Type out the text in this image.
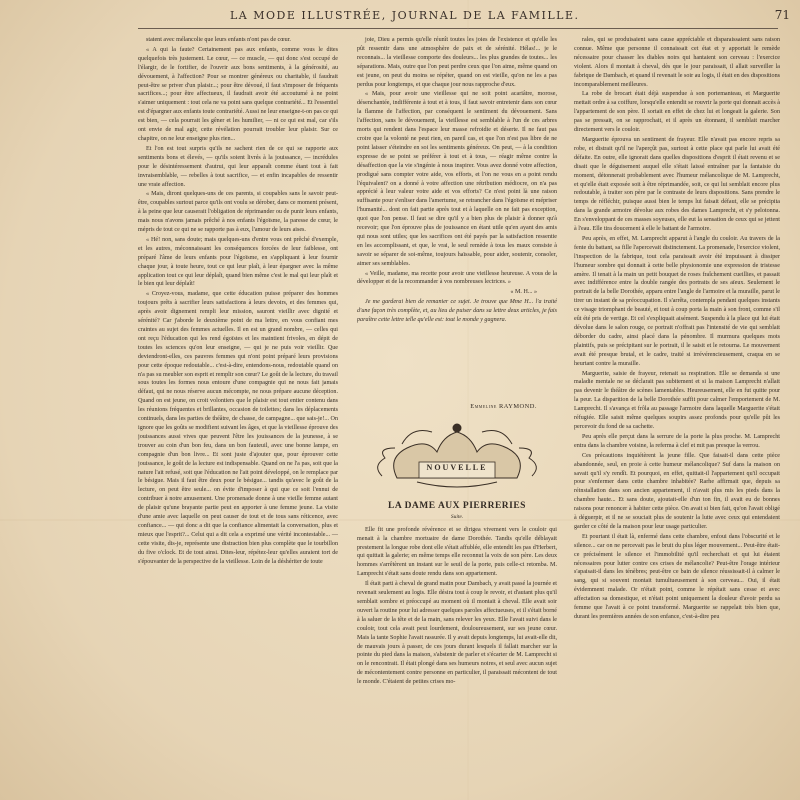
LA MODE ILLUSTRÉE, JOURNAL DE LA FAMILLE.	71

statent avec mélancolie que leurs enfants n'ont pas de cœur.

« A qui la faute? Certainement pas aux enfants, comme vous le dites quelquefois très justement. Le cœur, — ce muscle, — qui donc s'est occupé de l'élargir, de le fortifier, de l'ouvrir aux bons sentiments, à la générosité, au dévouement, à l'affection? Pour se montrer généreux ou charitable, il faudrait peut-être se priver d'un plaisir...; pour être dévoué, il faut s'imposer de fréquents sacrifices...; pour être affectueux, il faudrait avoir été accoutumé à ne point s'aimer uniquement : tout cela ne va point sans quelque contrariété... Et l'essentiel est d'épargner aux enfants toute contrariété. Aussi ne leur enseigne-t-on pas ce qui est bien, — cela pourrait les gêner et les humilier, — ni ce qui est mal, car s'ils ont envie de mal agir, cette révélation pourrait troubler leur plaisir. Sur ce chapitre, on ne leur enseigne plus rien...

Et l'on est tout surpris qu'ils ne sachent rien de ce qui se rapporte aux sentiments bons et élevés, — qu'ils soient livrés à la jouissance, — incrédules pour le désintéressement d'autrui, qui leur apparaît comme étant tout à fait invraisemblable, — rebelles à tout sacrifice, — et enfin incapables de ressentir une vraie affection.

« Mais, diront quelques-uns de ces parents, si coupables sans le savoir peut-être, coupables surtout parce qu'ils ont voulu se dérober, dans ce moment présent, à la peine que leur causerait l'obligation de réprimander ou de punir leurs enfants, mais nous n'avons jamais prêché à nos enfants l'égoïsme, la paresse de cœur, le mépris de tout ce qui ne se rapporte pas à eux, l'amour de leurs aises.

« Hé! non, sans doute; mais quelques-uns d'entre vous ont prêché d'exemple, et les autres, méconnaissant les conséquences forcées de leur faiblesse, ont préparé l'âme de leurs enfants pour l'égoïsme, en s'appliquant à leur fournir chaque jour, à toute heure, tout ce qui leur plaît, à leur épargner avec la même application tout ce qui leur déplaît, quand bien même c'est le mal qui leur plaît et le bien qui leur déplaît!

« Croyez-vous, madame, que cette éducation puisse préparer des hommes toujours prêts à sacrifier leurs satisfactions à leurs devoirs, et des femmes qui, après avoir dignement rempli leur mission, sauront vieillir avec dignité et sérénité? Car j'aborde le deuxième point de ma lettre, en vous confiant mes craintes au sujet des femmes actuelles. Il en est un grand nombre, — celles qui ont reçu l'éducation qui les rend égoïstes et les maintient frivoles, en dépit de toutes les sciences qu'on leur enseigne, — qui je ne puis voir vieillir. Que deviendront-elles, ces pauvres femmes qui n'ont point préparé leurs provisions pour cette époque redoutable... c'est-à-dire, entendons-nous, redoutable quand on n'a pas su meubler son esprit et remplir son cœur? Le goût de la lecture, du travail sous toutes les formes nous entoure d'une compagnie qui ne nous fait jamais défaut, qui ne nous réserve aucun mécompte, ne nous prépare aucune déception. Quand on est jeune, on croit volontiers que le plaisir est tout entier contenu dans les réunions fréquentes et brillantes, occasion de toilettes; dans les déplacements continuels, dans les parties de théâtre, de chasse, de campagne... que sais-je!... On ignore que les goûts se modifient suivant les âges, et que la vieillesse éprouve des jouissances aussi vives que peuvent l'être les jouissances de la jeunesse, à se trouver au coin d'un bon feu, dans un bon fauteuil, avec une bonne lampe, en compagnie d'un bon livre... Et sont juste d'ajouter que, pour éprouver cette jouissance, le goût de la lecture est indispensable. Quand on ne l'a pas, soit que la nature l'ait refusé, soit que l'éducation ne l'ait point développé, on le remplace par le bésigue. Mais il faut être deux pour le bésigue... tandis qu'avec le goût de la lecture, on peut être seule... on évite d'imposer à qui que ce soit l'ennui de contribuer à notre amusement. Une promenade donne à une vieille femme autant de plaisir qu'une brayante partie peut en apporter à une femme jeune. La visite d'une amie avec laquelle on peut causer de tout et de tous sans réticence, avec confiance... — qui donc a dit que la confiance alimentait la conversation, plus et mieux que l'esprit?... Celui qui a dit cela a exprimé une vérité incontestable... — cette visite, dis-je, représente une distraction bien plus complète que le tourbillon du five o'clock. Et de tout ainsi. Dites-leur, répétez-leur qu'elles auraient tort de s'épouvanter de la perspective de la vieillesse. Loin de la déshériter de toute

joie, Dieu a permis qu'elle réunît toutes les joies de l'existence et qu'elle les pût ressentir dans une atmosphère de paix et de sérénité. Hélas!... je le reconnais... la vieillesse comporte des douleurs... les plus grandes de toutes... les séparations. Mais, outre que l'on peut perdre ceux que l'on aime, même quand on est jeune, on peut du moins se répéter, quand on est vieille, qu'on ne les a pas perdus pour longtemps, et que chaque jour nous rapproche d'eux.

« Mais, pour avoir une vieillesse qui ne soit point acariâtre, morose, désenchantée, indifférente à tout et à tous, il faut savoir entretenir dans son cœur la flamme de l'affection, par conséquent le sentiment du dévouement. Sans l'affection, sans le dévouement, la vieillesse est semblable à l'un de ces arbres morts qui rendent dans l'espace leur masse refroidie et déserte. Il ne faut pas croire que la volonté ne peut rien, en pareil cas, et que l'on n'est pas libre de ne point laisser s'éteindre en soi les sentiments généreux. On peut, — à la condition expresse de se point se préférer à tout et à tous, — réagir même contre la désaffection que la vie s'ingénie à nous inspirer. Vous avez donné votre affection, prodigué sans compter votre aide, vos efforts, et l'on ne vous en a point rendu l'équivalent? on a donné à votre affection une rétribution médiocre, on n'a pas apprécié à leur valeur votre aide et vos efforts? Ce n'est point là une raison suffisante pour s'enliser dans l'amertume, se retrancher dans l'égoïsme et mépriser l'humanité... dont on fait partie après tout et à laquelle on ne fait pas exception, quoi que l'on pense. Il faut se dire qu'il y a bien plus de plaisir à donner qu'à recevoir; que l'on éprouve plus de jouissance en étant utile qu'en ayant des amis qui nous sont utiles; que les sacrifices ont été payés par la satisfaction ressentie en les accomplissant, et que, le vrai, le seul remède à tous les maux consiste à savoir se séparer de soi-même, toujours haïssable, pour aider, soutenir, consoler, aimer ses semblables.

« Veille, madame, ma recette pour avoir une vieillesse heureuse. A vous de la développer et de la recommander à vos nombreuses lectrices. »

« M. H... »

Je me garderai bien de remanier ce sujet. Je trouve que Mme H... l'a traité d'une façon très complète, et, au lieu de puiser dans sa lettre deux articles, je fais paraître cette lettre telle qu'elle est: tout le monde y gagnera.

Emmeline RAYMOND.
NOUVELLE
LA DAME AUX PIERRERIES
Suite.

Elle fit une profonde révérence et se dirigea vivement vers le couloir qui menait à la chambre mortuaire de dame Dorothée. Tandis qu'elle déblayait prestement la longue robe dont elle s'était affublée, elle entendit les pas d'Herbert, qui quittait la galerie; en même temps elle reconnut la voix de son père. Les deux hommes s'arrêtèrent un instant sur le seuil de la porte, puis celle-ci retomba. M. Lamprecht s'était sans doute rendu dans son appartement.

Il était parti à cheval de grand matin pour Dambach, y avait passé la journée et revenait seulement au logis. Elle désira tout à coup le revoir, et d'autant plus qu'il semblait sombre et préoccupé au moment où il montait à cheval. Elle avait soir ouvert la routine pour lui adresser quelques paroles affectueuses, et il s'était borné à la saluer de la tête et de la main, sans relever les yeux. Elle l'avait suivi dans le couloir, tout cela avait peut lourdement, douloureusement, sur ses jeune cœur. Mais la tante Sophie l'avait rassurée. Il y avait depuis longtemps, lui avait-elle dit, de mauvais jours à passer, de ces jours durant lesquels il fallait marcher sur la pointe du pied dans la maison, s'abstenir de parler et s'écarter de M. Lamprecht si on le rencontrait. Il était plongé dans ses humeurs noires, et seul avec aucun sujet de mécontentement contre personne en particulier, il paraissait mécontent de tout le monde. C'étaient de petites crises mo-

rales, qui se produisaient sans cause appréciable et disparaissaient sans raison connue. Même que personne il connaissait cet état et y apportait le remède nécessaire pour chasser les diables noirs qui hantaient son cerveau : l'exercice violent. Alors il montait à cheval, dès que le jour paraissait, il allait surveiller la fabrique de Dambach, et quand il revenait le soir au logis, il était en des dispositions incomparablement meilleures.

La robe de brocart était déjà suspendue à son portemanteau, et Marguerite mettait ordre à sa coiffure, lorsqu'elle entendit se rouvrir la porte qui donnait accès à l'appartement de son père. Il sortait en effet de chez lui et longeait la galerie. Son pas se pressait, on se rapprochait, et il après un étonnant, il semblait marcher directement vers le couloir.

Marguerite éprouva un sentiment de frayeur. Elle n'avait pas encore repris sa robe, et distrait qu'il ne l'aperçût pas, surtout à cette place qui parle lui avait été défaite. En outre, elle ignorait dans quelles dispositions d'esprit il était revenu et se disait que le déguisement auquel elle s'était laissé entraîner par la fantaisie du moment, détonnerait probablement avec l'humeur mélancolique de M. Lamprecht, et qu'elle était exposée soit à être réprimandée, soit, ce qui lui semblait encore plus redoutable, à traiter son père par le contraste de leurs dispositions. Sans prendre le temps de réfléchir, puisque aussi bien le temps lui faisait défaut, elle se précipita dans la grande armoire dévolue aux robes des dames Lamprecht, et s'y pelotonna. En s'enveloppant de ces masses soyeuses, elle eut la sensation de ceux qui se jettent à l'eau. Elle tira doucement à elle le battant de l'armoire.

Peu après, en effet, M. Lamprecht apparut à l'angle du couloir. Au travers de la fente du battant, sa fille l'apercevait distinctement. La promenade, l'exercice violent, l'inspection de la fabrique, tout cela paraissait avoir été impuissant à dissiper l'humeur sombre qui donnait à cette belle physionomie une expression de tristesse amère. Il tenait à la main un petit bouquet de roses fraîchement cueillies, et passait avec indifférence entre la double rangée des portraits de ses aïeux. Seulement le portrait de la belle Dorothée, apparu entre l'angle de l'armoire et la muraille, parut le tirer un instant de sa préoccupation. Il s'arrêta, contempla pendant quelques instants ce visage triomphant de beauté, et tout à coup porta la main à son front, comme s'il eût été pris de vertige. Et cel s'expliquait aisément. Suspendu à la place qui lui était dévolue dans le salon rouge, ce portrait n'offrait pas l'intensité de vie qui semblait déborder du cadre, ainsi placé dans la pénombre. Il murmura quelques mots plaintifs, puis se précipitant sur le portrait, il le saisit et le retourna. Le mouvement avait été presque brutal, et le cadre, traité si irrévérencieusement, craqua en se heurtant contre la muraille.

Marguerite, saisie de frayeur, retenait sa respiration. Elle se demanda si une maladie mentale ne se déclarait pas subitement et si la maison Lamprecht n'allait pas devenir le théâtre de scènes lamentables. Heureusement, elle en fut quitte pour la peur. La disparition de la belle Dorothée suffit pour calmer l'emportement de M. Lamprecht. Il s'avança et frôla au passage l'armoire dans laquelle Marguerite s'était réfugiée. Elle saisit même quelques soupirs assez profonds pour qu'elle pût les percevoir du fond de sa cachette.

Peu après elle perçut dans la serrure de la porte la plus proche. M. Lamprecht entra dans la chambre voisine, la referma à clef et mit pas presque la verrou.

Ces précautions inquiétèrent la jeune fille. Que faisait-il dans cette pièce abandonnée, seul, en proie à cette humeur mélancolique? Suf dans la maison on savait qu'il s'y rendît. Et pourquoi, en effet, quittait-il l'appartement qu'il occupait pour s'enfermer dans cette chambre inhabitée? Rarhe affirmait que, depuis sa réinstallation dans son ancien appartement, il n'avait plus mis les pieds dans la chambre haute... Et sans doute, ajoutait-elle d'un ton fin, il avait eu de bonnes raisons pour renoncer à habiter cette pièce. On avait si bien fait, qu'on l'avait obligé à déguerpir, et il ne se souciait plus de soutenir la lutte avec ceux qui entendaient garder ce côté de la maison pour leur usage particulier.

Et pourtant il était là, enfermé dans cette chambre, enfoui dans l'obscurité et le silence... car on ne percevait pas le bruit du plus léger mouvement... Peut-être était-ce précisément le silence et l'immobilité qu'il recherchait et qui lui étaient nécessaires pour lutter contre ces crises de mélancolie? Peut-être l'orage intérieur s'apaisait-il dans les ténèbres; peut-être ce bain de silence réussissait-il à calmer le sang, qui si souvent montait tumultueusement à son cerveau... Oui, il était évidemment malade. Or n'était point, comme le répétait sans cesse et avec affectation sa domestique, et n'était point uniquement la douleur d'avoir perdu sa femme que l'avait à ce point transformé. Marguerite se rappelait très bien que, durant les premières années de son enfance, c'est-à-dire peu
